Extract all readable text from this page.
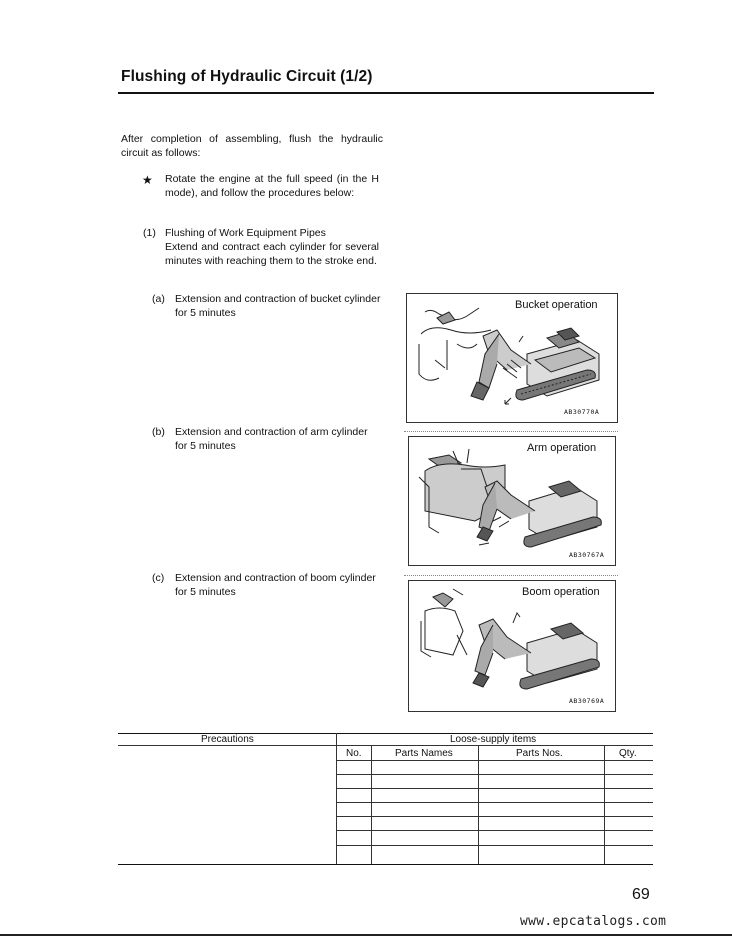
Flushing of Hydraulic Circuit (1/2)
After completion of assembling, flush the hydraulic circuit as follows:
★ Rotate the engine at the full speed (in the H mode), and follow the procedures below:
(1) Flushing of Work Equipment Pipes
Extend and contract each cylinder for several minutes with reaching them to the stroke end.
(a) Extension and contraction of bucket cylinder for 5 minutes
(b) Extension and contraction of arm cylinder for 5 minutes
(c) Extension and contraction of boom cylinder for 5 minutes
Bucket operation
AB30770A
Arm operation
AB30767A
Boom operation
AB30769A
Precautions	Loose-supply items
No.	Parts Names	Parts Nos.	Qty.
69
www.epcatalogs.com
